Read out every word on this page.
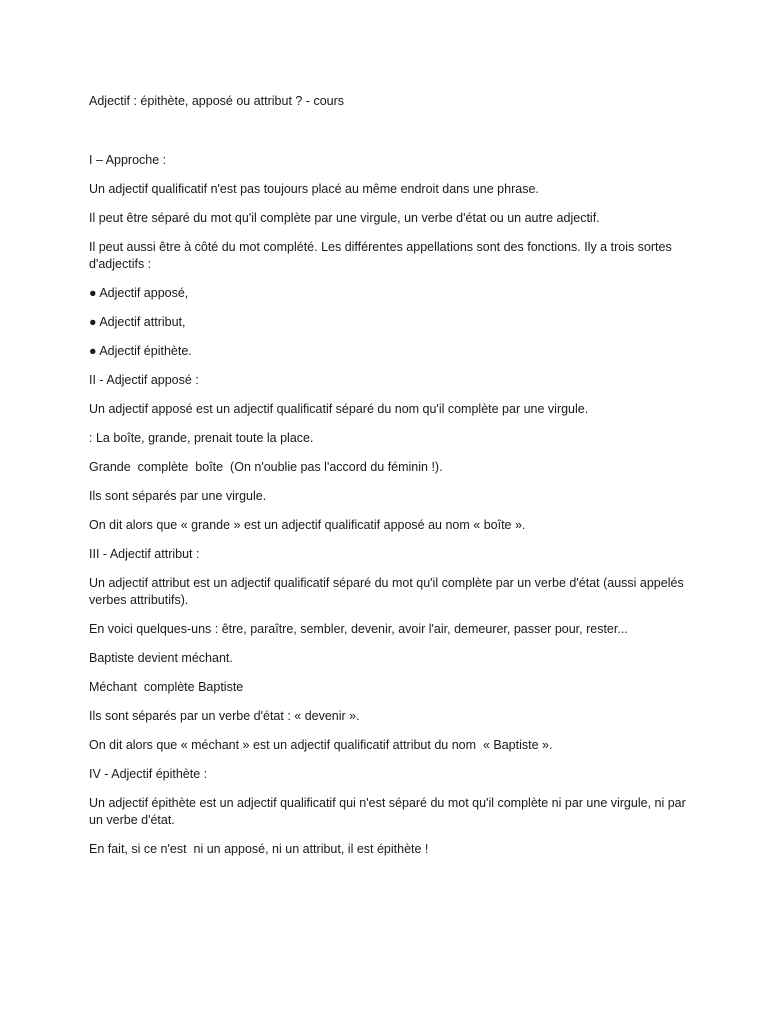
Adjectif : épithète, apposé ou attribut ? - cours

I – Approche :

Un adjectif qualificatif n'est pas toujours placé au même endroit dans une phrase.

Il peut être séparé du mot qu'il complète par une virgule, un verbe d'état ou un autre adjectif.

Il peut aussi être à côté du mot complété. Les différentes appellations sont des fonctions. Ily a trois sortes d'adjectifs :

● Adjectif apposé,

● Adjectif attribut,

● Adjectif épithète.

II - Adjectif apposé :

Un adjectif apposé est un adjectif qualificatif séparé du nom qu'il complète par une virgule.

: La boîte, grande, prenait toute la place.

Grande  complète  boîte  (On n'oublie pas l'accord du féminin !).

Ils sont séparés par une virgule.

On dit alors que « grande » est un adjectif qualificatif apposé au nom « boîte ».

III - Adjectif attribut :

Un adjectif attribut est un adjectif qualificatif séparé du mot qu'il complète par un verbe d'état (aussi appelés verbes attributifs).

En voici quelques-uns : être, paraître, sembler, devenir, avoir l'air, demeurer, passer pour, rester...

Baptiste devient méchant.

Méchant  complète Baptiste

Ils sont séparés par un verbe d'état : « devenir ».

On dit alors que « méchant » est un adjectif qualificatif attribut du nom  « Baptiste ».

IV - Adjectif épithète :

Un adjectif épithète est un adjectif qualificatif qui n'est séparé du mot qu'il complète ni par une virgule, ni par un verbe d'état.

En fait, si ce n'est  ni un apposé, ni un attribut, il est épithète !
